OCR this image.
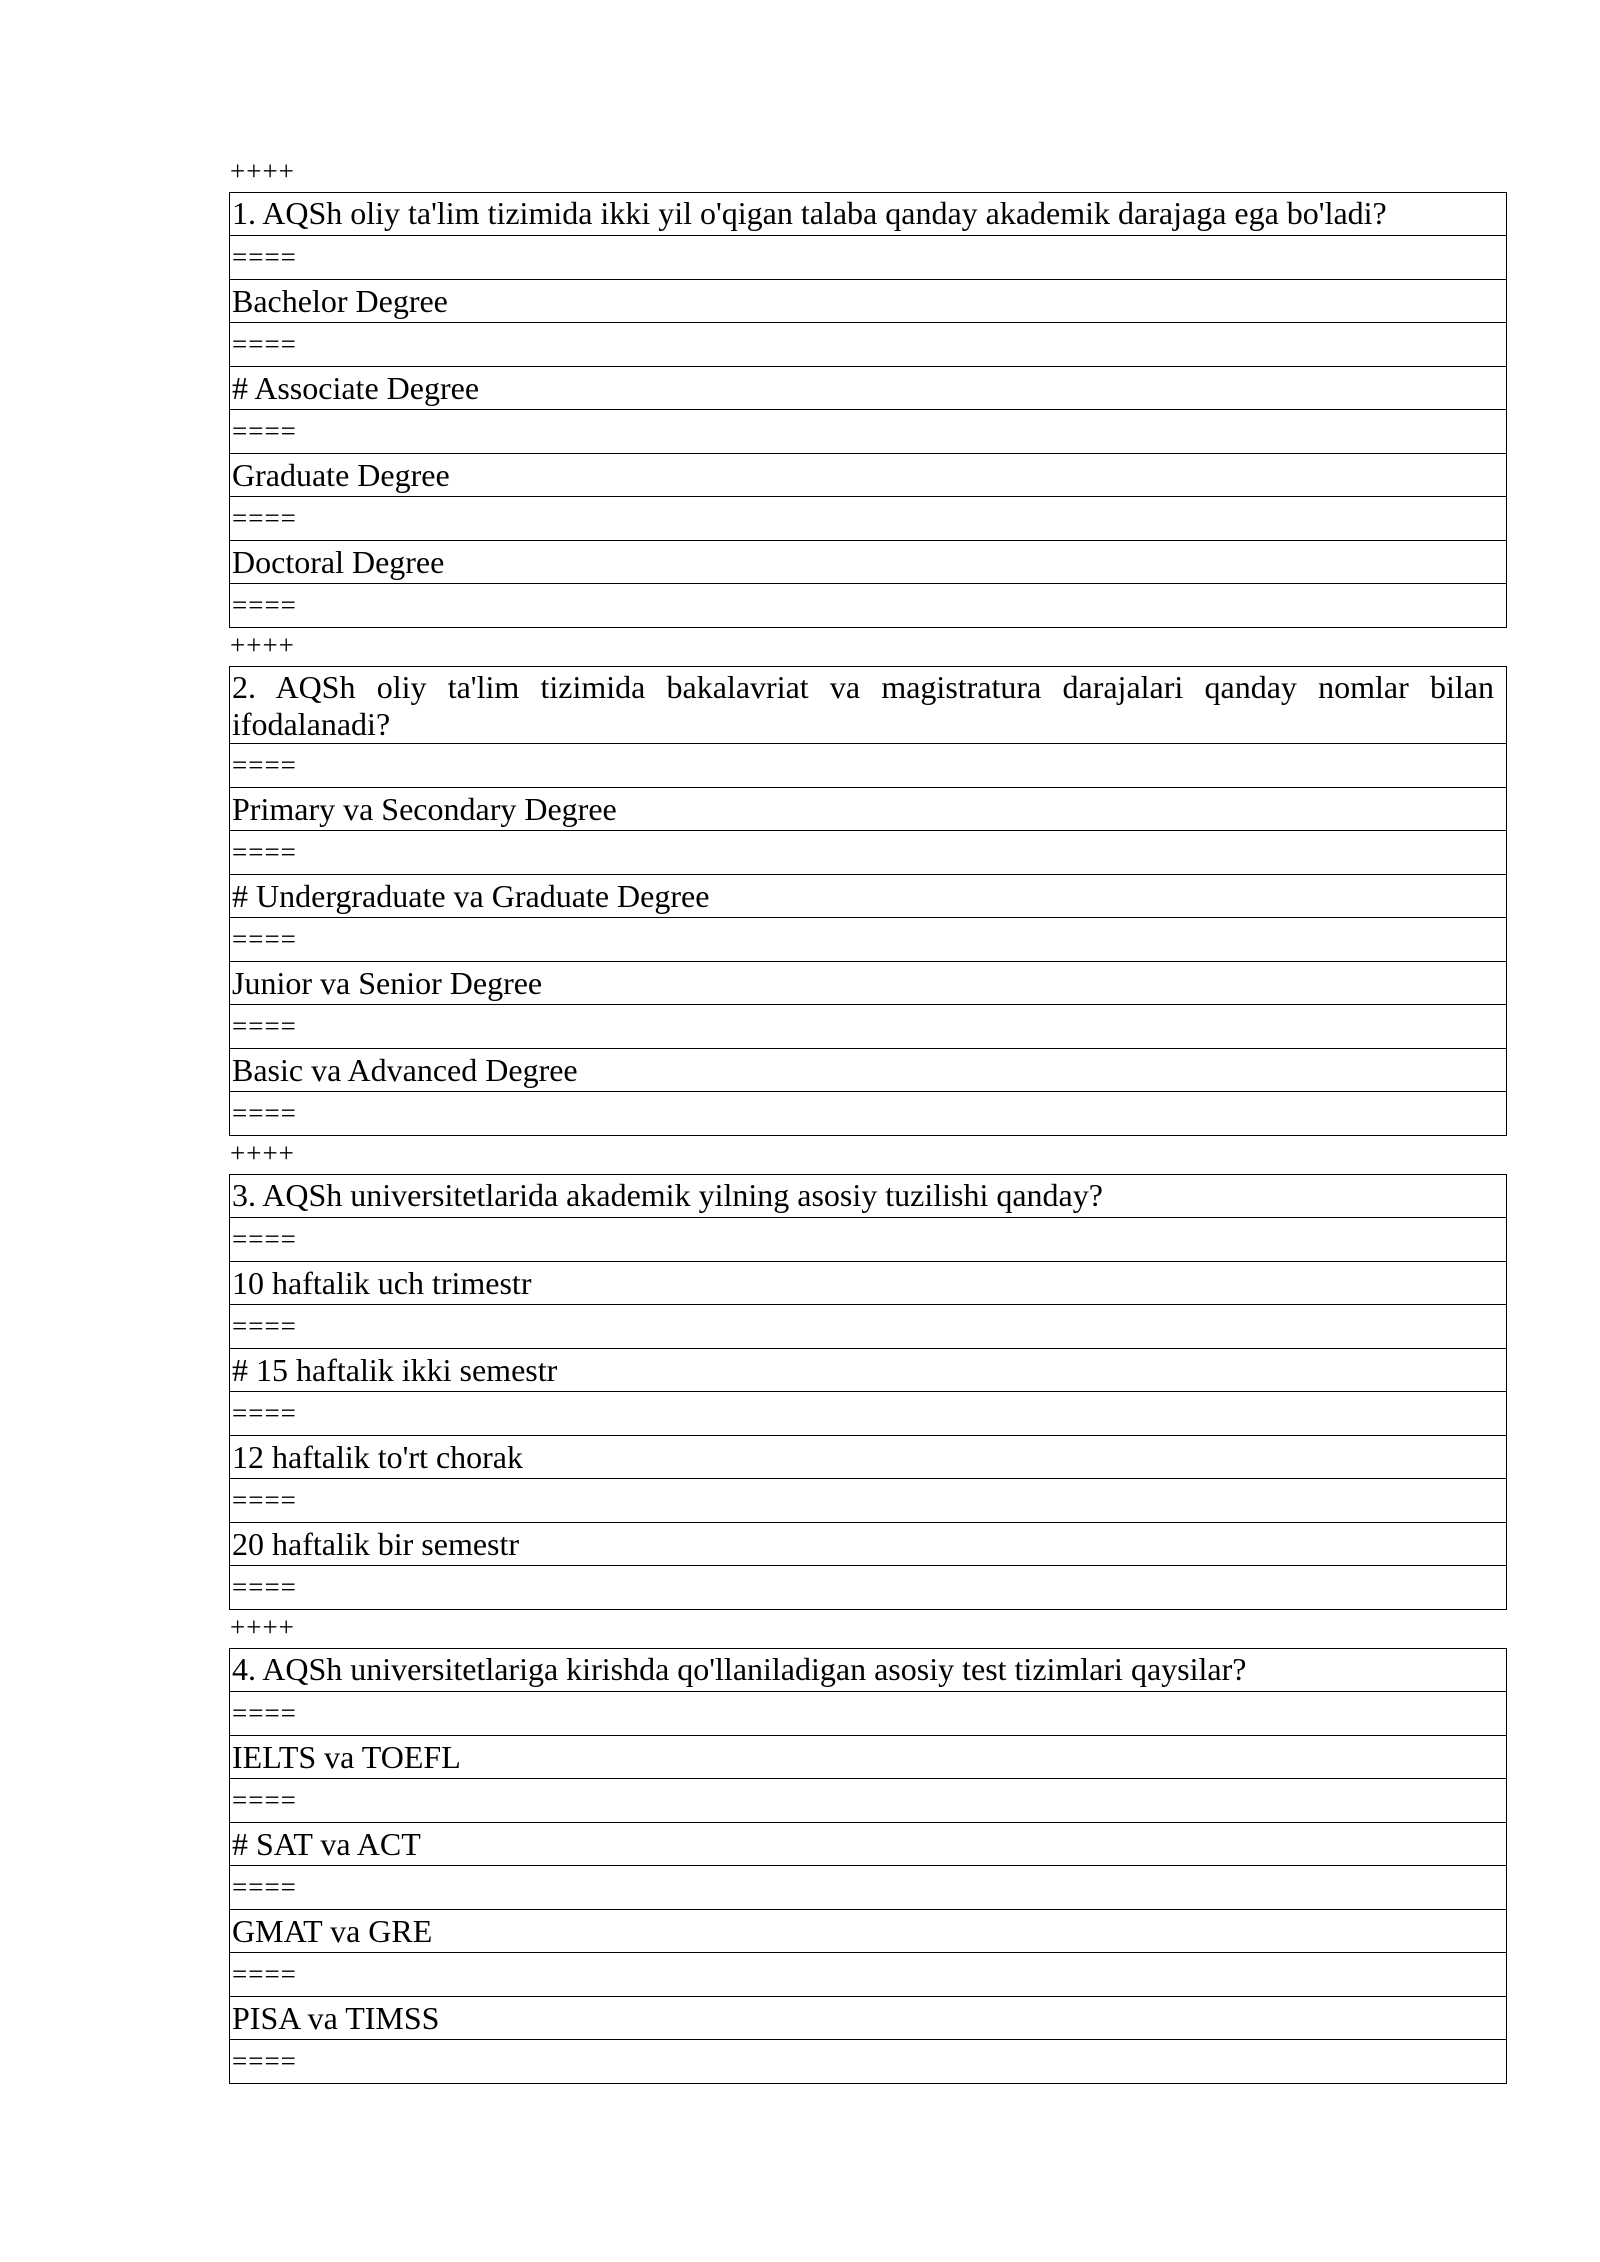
++++
1. AQSh oliy ta'lim tizimida ikki yil o'qigan talaba qanday akademik darajaga ega bo'ladi?
====
Bachelor Degree
====
# Associate Degree
====
Graduate Degree
====
Doctoral Degree
====
++++
2. AQSh oliy ta'lim tizimida bakalavriat va magistratura darajalari qanday nomlar bilan ifodalanadi?
====
Primary va Secondary Degree
====
# Undergraduate va Graduate Degree
====
Junior va Senior Degree
====
Basic va Advanced Degree
====
++++
3. AQSh universitetlarida akademik yilning asosiy tuzilishi qanday?
====
10 haftalik uch trimestr
====
# 15 haftalik ikki semestr
====
12 haftalik to'rt chorak
====
20 haftalik bir semestr
====
++++
4. AQSh universitetlariga kirishda qo'llaniladigan asosiy test tizimlari qaysilar?
====
IELTS va TOEFL
====
# SAT va ACT
====
GMAT va GRE
====
PISA va TIMSS
====
